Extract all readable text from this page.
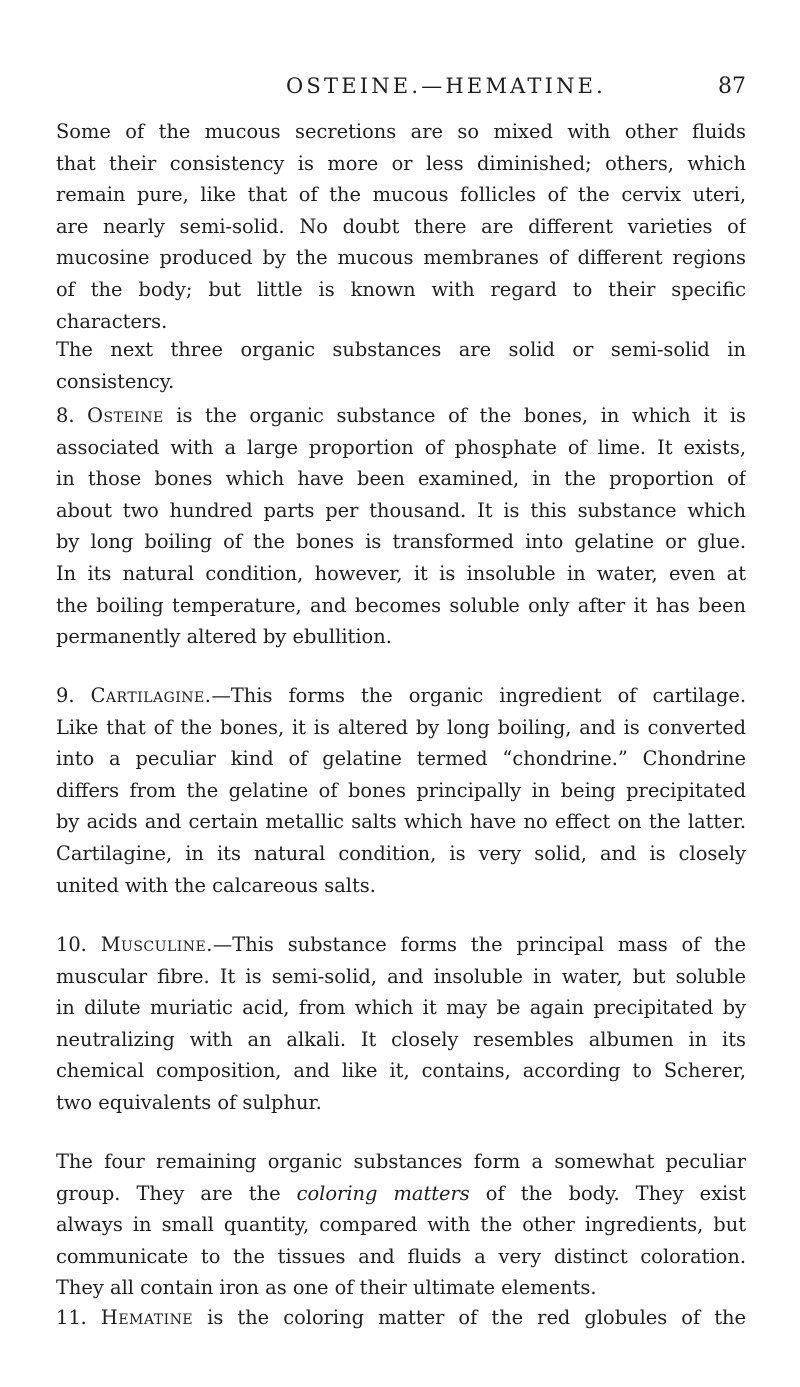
OSTEINE.—HEMATINE.	87
Some of the mucous secretions are so mixed with other fluids
that their consistency is more or less diminished; others, which
remain pure, like that of the mucous follicles of the cervix uteri,
are nearly semi-solid. No doubt there are different varieties of
mucosine produced by the mucous membranes of different regions
of the body; but little is known with regard to their specific
characters.
The next three organic substances are solid or semi-solid in
consistency.
8. Osteine is the organic substance of the bones, in which it is
associated with a large proportion of phosphate of lime. It exists,
in those bones which have been examined, in the proportion of
about two hundred parts per thousand. It is this substance which
by long boiling of the bones is transformed into gelatine or glue.
In its natural condition, however, it is insoluble in water, even at
the boiling temperature, and becomes soluble only after it has been
permanently altered by ebullition.
9. Cartilagine.—This forms the organic ingredient of cartilage.
Like that of the bones, it is altered by long boiling, and is converted
into a peculiar kind of gelatine termed “chondrine.” Chondrine
differs from the gelatine of bones principally in being precipitated
by acids and certain metallic salts which have no effect on the latter.
Cartilagine, in its natural condition, is very solid, and is closely
united with the calcareous salts.
10. Musculine.—This substance forms the principal mass of the
muscular fibre. It is semi-solid, and insoluble in water, but soluble
in dilute muriatic acid, from which it may be again precipitated by
neutralizing with an alkali. It closely resembles albumen in its
chemical composition, and like it, contains, according to Scherer,
two equivalents of sulphur.
The four remaining organic substances form a somewhat peculiar
group. They are the coloring matters of the body. They exist
always in small quantity, compared with the other ingredients, but
communicate to the tissues and fluids a very distinct coloration.
They all contain iron as one of their ultimate elements.
11. Hematine is the coloring matter of the red globules of the
